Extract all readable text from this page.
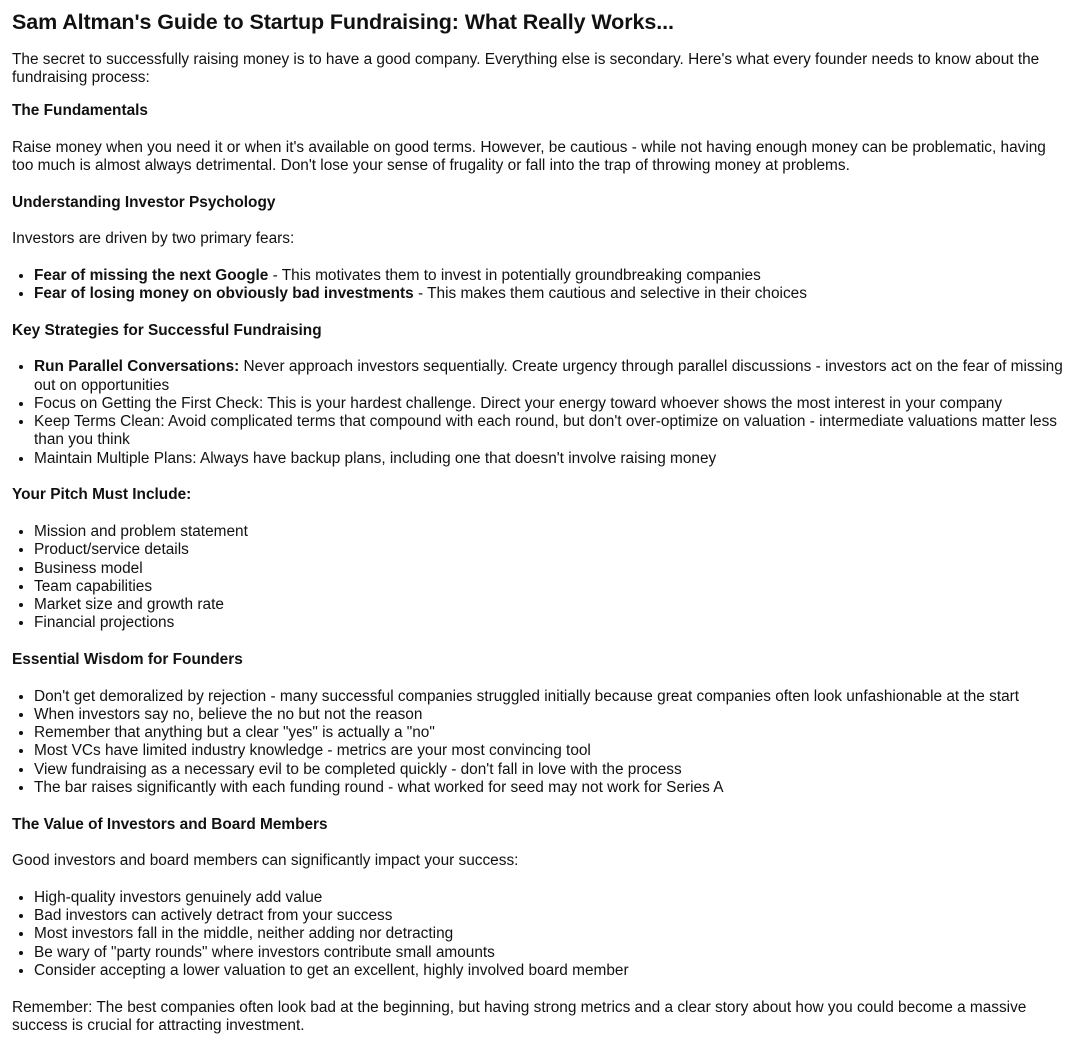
Sam Altman's Guide to Startup Fundraising: What Really Works...

The secret to successfully raising money is to have a good company. Everything else is secondary. Here's what every founder needs to know about the fundraising process:

The Fundamentals

Raise money when you need it or when it's available on good terms. However, be cautious - while not having enough money can be problematic, having too much is almost always detrimental. Don't lose your sense of frugality or fall into the trap of throwing money at problems.

Understanding Investor Psychology

Investors are driven by two primary fears:

• Fear of missing the next Google - This motivates them to invest in potentially groundbreaking companies
• Fear of losing money on obviously bad investments - This makes them cautious and selective in their choices
Key Strategies for Successful Fundraising
• Run Parallel Conversations: Never approach investors sequentially. Create urgency through parallel discussions - investors act on the fear of missing out on opportunities
• Focus on Getting the First Check: This is your hardest challenge. Direct your energy toward whoever shows the most interest in your company
• Keep Terms Clean: Avoid complicated terms that compound with each round, but don't over-optimize on valuation - intermediate valuations matter less than you think
• Maintain Multiple Plans: Always have backup plans, including one that doesn't involve raising money
Your Pitch Must Include:
• Mission and problem statement
• Product/service details
• Business model
• Team capabilities
• Market size and growth rate
• Financial projections
Essential Wisdom for Founders
• Don't get demoralized by rejection - many successful companies struggled initially because great companies often look unfashionable at the start
• When investors say no, believe the no but not the reason
• Remember that anything but a clear "yes" is actually a "no"
• Most VCs have limited industry knowledge - metrics are your most convincing tool
• View fundraising as a necessary evil to be completed quickly - don't fall in love with the process
• The bar raises significantly with each funding round - what worked for seed may not work for Series A
The Value of Investors and Board Members

Good investors and board members can significantly impact your success:

• High-quality investors genuinely add value
• Bad investors can actively detract from your success
• Most investors fall in the middle, neither adding nor detracting
• Be wary of "party rounds" where investors contribute small amounts
• Consider accepting a lower valuation to get an excellent, highly involved board member

Remember: The best companies often look bad at the beginning, but having strong metrics and a clear story about how you could become a massive success is crucial for attracting investment.
